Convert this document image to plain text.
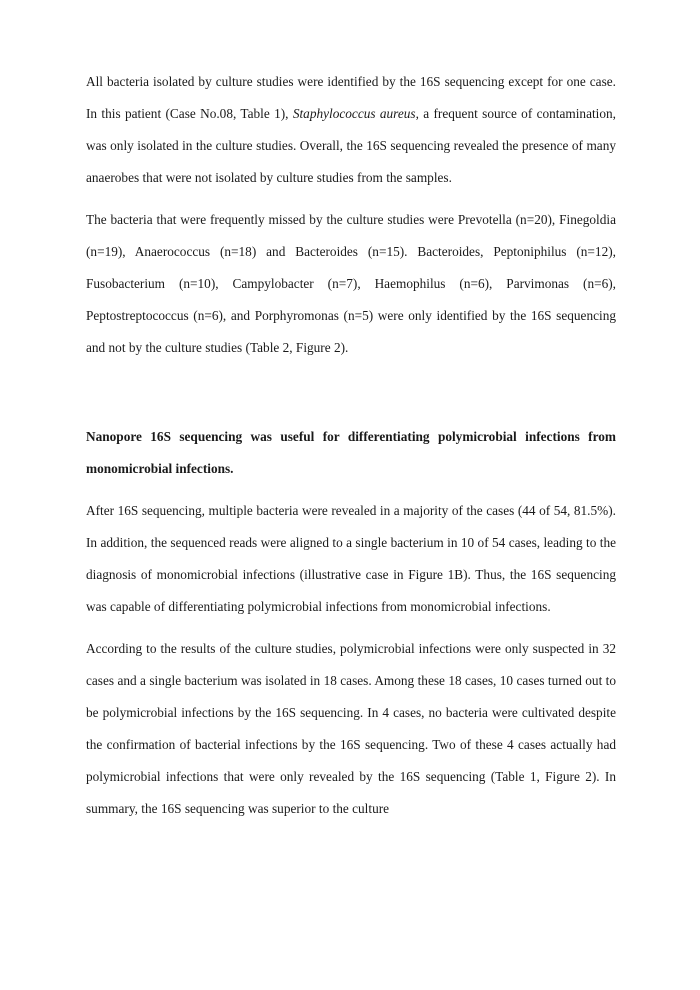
All bacteria isolated by culture studies were identified by the 16S sequencing except for one case. In this patient (Case No.08, Table 1), Staphylococcus aureus, a frequent source of contamination, was only isolated in the culture studies. Overall, the 16S sequencing revealed the presence of many anaerobes that were not isolated by culture studies from the samples.

The bacteria that were frequently missed by the culture studies were Prevotella (n=20), Finegoldia (n=19), Anaerococcus (n=18) and Bacteroides (n=15). Bacteroides, Peptoniphilus (n=12), Fusobacterium (n=10), Campylobacter (n=7), Haemophilus (n=6), Parvimonas (n=6), Peptostreptococcus (n=6), and Porphyromonas (n=5) were only identified by the 16S sequencing and not by the culture studies (Table 2, Figure 2).

Nanopore 16S sequencing was useful for differentiating polymicrobial infections from monomicrobial infections.

After 16S sequencing, multiple bacteria were revealed in a majority of the cases (44 of 54, 81.5%). In addition, the sequenced reads were aligned to a single bacterium in 10 of 54 cases, leading to the diagnosis of monomicrobial infections (illustrative case in Figure 1B). Thus, the 16S sequencing was capable of differentiating polymicrobial infections from monomicrobial infections.

According to the results of the culture studies, polymicrobial infections were only suspected in 32 cases and a single bacterium was isolated in 18 cases. Among these 18 cases, 10 cases turned out to be polymicrobial infections by the 16S sequencing. In 4 cases, no bacteria were cultivated despite the confirmation of bacterial infections by the 16S sequencing. Two of these 4 cases actually had polymicrobial infections that were only revealed by the 16S sequencing (Table 1, Figure 2). In summary, the 16S sequencing was superior to the culture
